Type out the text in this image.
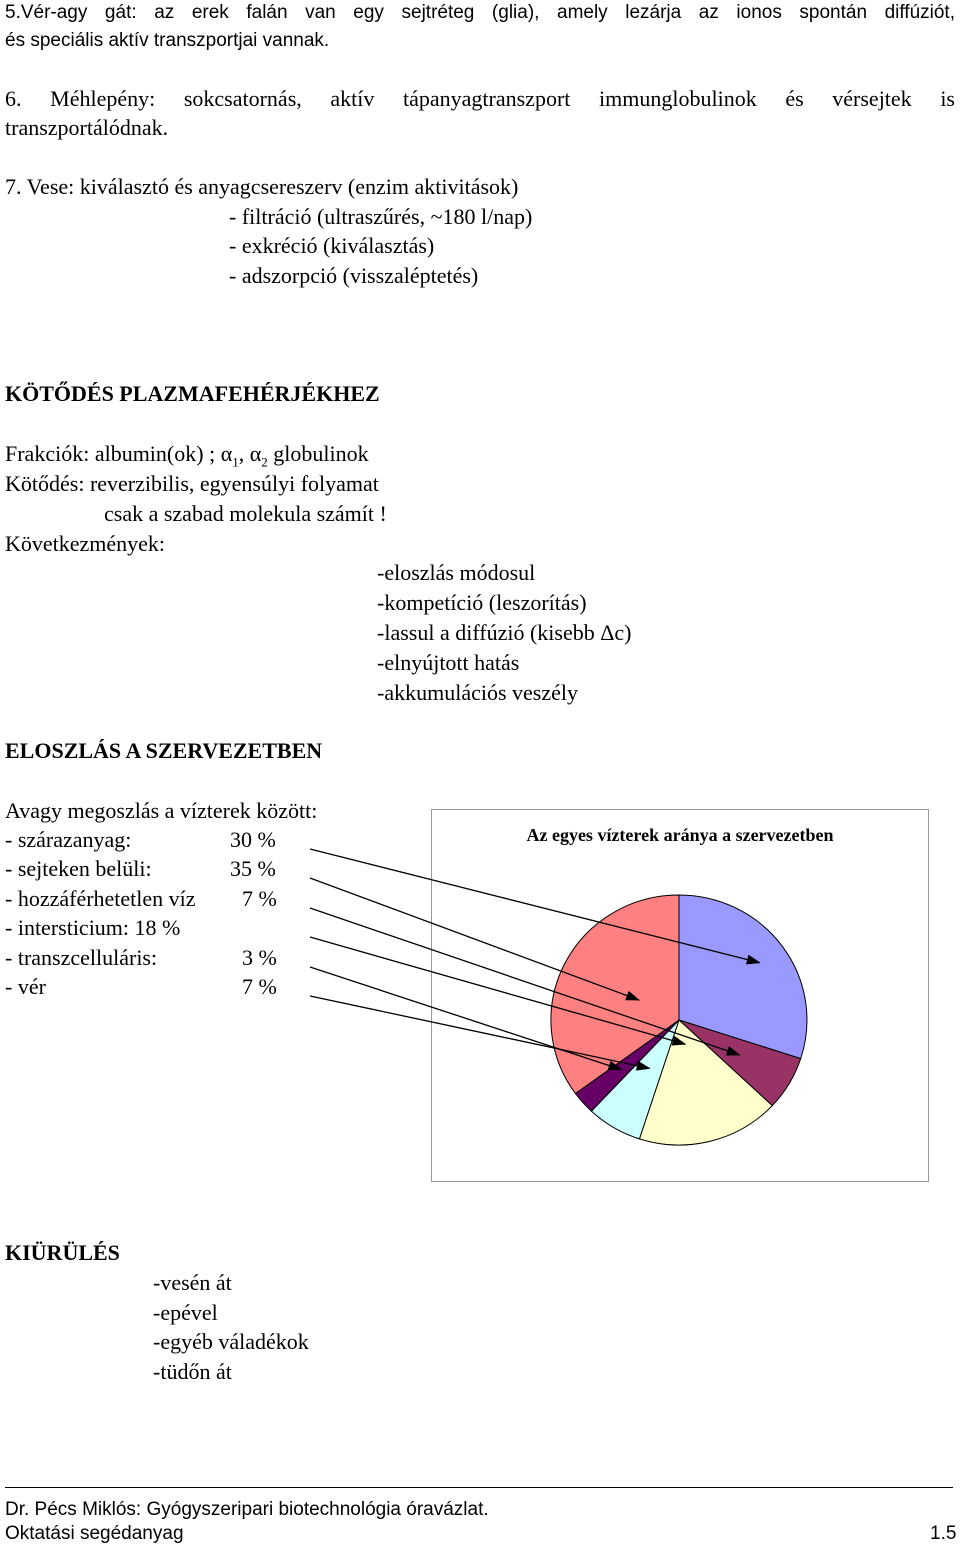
5.Vér-agy gát: az erek falán van egy sejtréteg (glia), amely lezárja az ionos spontán diffúziót,
és speciális aktív transzportjai vannak.
6. Méhlepény: sokcsatornás, aktív tápanyagtranszport immunglobulinok és vérsejtek is
transzportálódnak.
7. Vese: kiválasztó és anyagcsereszerv (enzim aktivitások)
- filtráció (ultraszűrés, ~180 l/nap)
- exkréció (kiválasztás)
- adszorpció (visszaléptetés)
KÖTŐDÉS PLAZMAFEHÉRJÉKHEZ
Frakciók: albumin(ok) ; $\alpha_1$, $\alpha_2$ globulinok
Kötődés: reverzibilis, egyensúlyi folyamat
csak a szabad molekula számít !
Következmények:
-eloszlás módosul
-kompetíció (leszorítás)
-lassul a diffúzió (kisebb Δc)
-elnyújtott hatás
-akkumulációs veszély
ELOSZLÁS A SZERVEZETBEN
Avagy megoszlás a vízterek között:
- szárazanyag:	30 %
- sejteken belüli:	35 %
- hozzáférhetetlen víz 7 %
- intersticium: 18 %
- transzcelluláris:	3 %
- vér	7 %
Az egyes vízterek aránya a szervezetben
KIÜRÜLÉS
-vesén át
-epével
-egyéb váladékok
-tüdőn át
Dr. Pécs Miklós: Gyógyszeripari biotechnológia óravázlat.
Oktatási segédanyag	1.5
